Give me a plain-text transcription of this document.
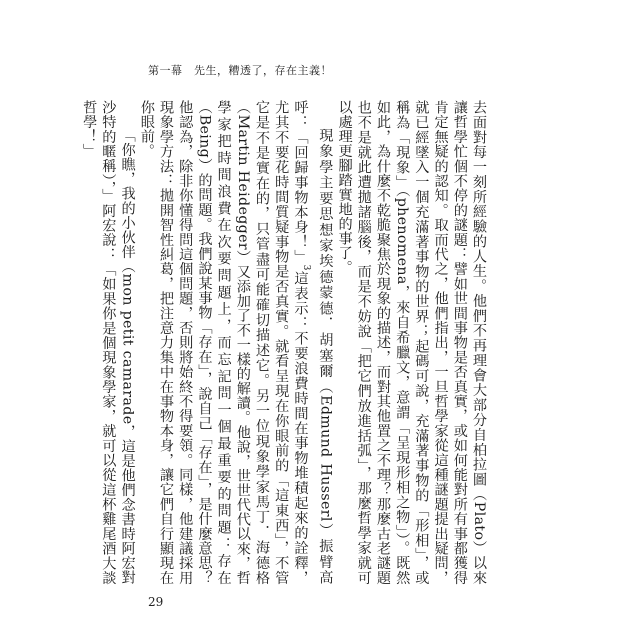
第一幕　先生，糟透了，存在主義！

去面對每一刻所經驗的人生。他們不再理會大部分自柏拉圖（Plato）以來讓哲學忙個不停的謎題：譬如世間事物是否真實，或如何能對所有事都獲得肯定無疑的認知。取而代之，他們指出，一旦哲學家從這種謎題提出疑問，就已經墜入一個充滿著事物的世界；起碼可說，充滿著事物的「形相」，或稱為「現象」（phenomena，來自希臘文，意謂「呈現形相之物」）。既然如此，為什麼不乾脆聚焦於現象的描述，而對其他置之不理？那麼古老謎題也不是就此遭拋諸腦後，而是不妨說「把它們放進括弧」，那麼哲學家就可以處理更腳踏實地的事了。

現象學主要思想家埃德蒙德．胡塞爾（Edmund Husserl）振臂高呼：「回歸事物本身！」$^3$這表示：不要浪費時間在事物堆積起來的詮釋，尤其不要花時間質疑事物是否真實。就看呈現在你眼前的「這東西」，不管它是不是實在的，只管盡可能確切描述它。另一位現象學家馬丁．海德格（Martin Heidegger）又添加了不一樣的解讀。他說，世世代代以來，哲學家把時間浪費在次要問題上，而忘記問一個最重要的問題：存在（Being）的問題。我們說某事物「存在」，說自己「存在」，是什麼意思？他認為，除非你懂得問這個問題，否則將始終不得要領。同樣，他建議採用現象學方法：拋開智性糾葛，把注意力集中在事物本身，讓它們自行顯現在你眼前。

「你瞧，我的小伙伴（mon petit camarade，這是他們念書時阿宏對沙特的暱稱），」阿宏說：「如果你是個現象學家，就可以從這杯雞尾酒大談哲學！」

29
